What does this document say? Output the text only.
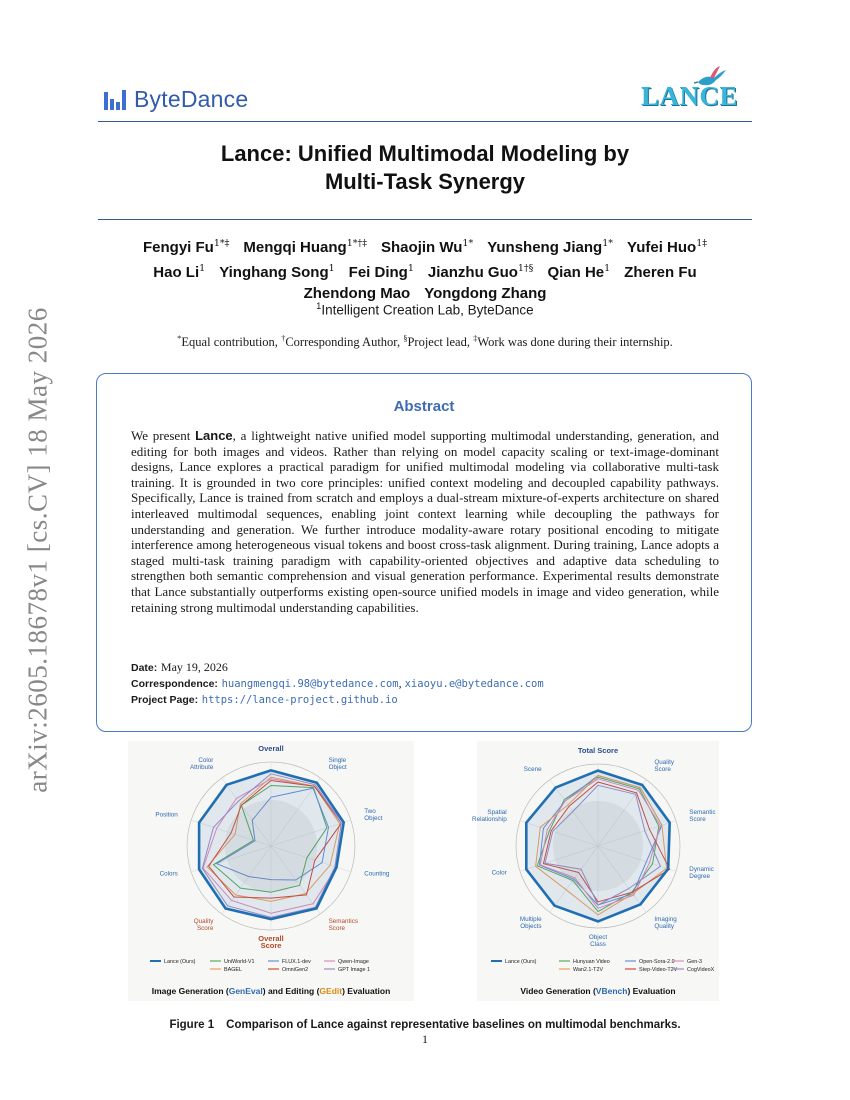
arXiv:2605.18678v1 [cs.CV] 18 May 2026
ByteDance	LANCE
Lance: Unified Multimodal Modeling by
Multi-Task Synergy
Fengyi $Fu^{1*\ddagger}$ Mengqi Huang$^{1*\dagger\ddagger}$ Shaojin $Wu^{1*}$ Yunsheng Jiang$^{1*}$ Yufei Huo$^{1\ddagger}$
Hao Li$^1$ Yinghang Song$^1$ Fei Ding$^1$ Jianzhu Guo$^{1\dagger\S}$ Qian He$^1$ Zheren Fu
Zhendong Mao Yongdong Zhang
$^1$Intelligent Creation Lab, ByteDance
*Equal contribution, †Corresponding Author, §Project lead, ‡Work was done during their internship.
Abstract
We present Lance, a lightweight native unified model supporting multimodal understanding, generation, and editing for both images and videos. Rather than relying on model capacity scaling or text-image-dominant designs, Lance explores a practical paradigm for unified multimodal modeling via collaborative multi-task training. It is grounded in two core principles: unified context modeling and decoupled capability pathways. Specifically, Lance is trained from scratch and employs a dual-stream mixture-of-experts architecture on shared interleaved multimodal sequences, enabling joint context learning while decoupling the pathways for understanding and generation. We further introduce modality-aware rotary positional encoding to mitigate interference among heterogeneous visual tokens and boost cross-task alignment. During training, Lance adopts a staged multi-task training paradigm with capability-oriented objectives and adaptive data scheduling to strengthen both semantic comprehension and visual generation performance. Experimental results demonstrate that Lance substantially outperforms existing open-source unified models in image and video generation, while retaining strong multimodal understanding capabilities.
Date: May 19, 2026
Correspondence: huangmengqi.98@bytedance.com, xiaoyu.e@bytedance.com
Project Page: https://lance-project.github.io
Overall
Single Object
Two Object
Counting
Semantics Score
Overall Score
Quality Score
Colors
Position
Color Attribute
Lance (Ours)	UniWorld-V1	FLUX.1-dev	Qwen-Image
BAGEL	OmniGen2	GPT Image 1
Image Generation (GenEval) and Editing (GEdit) Evaluation
Total Score
Quality Score
Semantic Score
Dynamic Degree
Imaging Quality
Object Class
Multiple Objects
Color
Spatial Relationship
Scene
Lance (Ours)	Hunyuan Video	Open-Sora-2.0 Gen-3
Wan2.1-T2V	Step-Video-T2V CogVideoX
Video Generation (VBench) Evaluation
Figure 1 Comparison of Lance against representative baselines on multimodal benchmarks.
1
